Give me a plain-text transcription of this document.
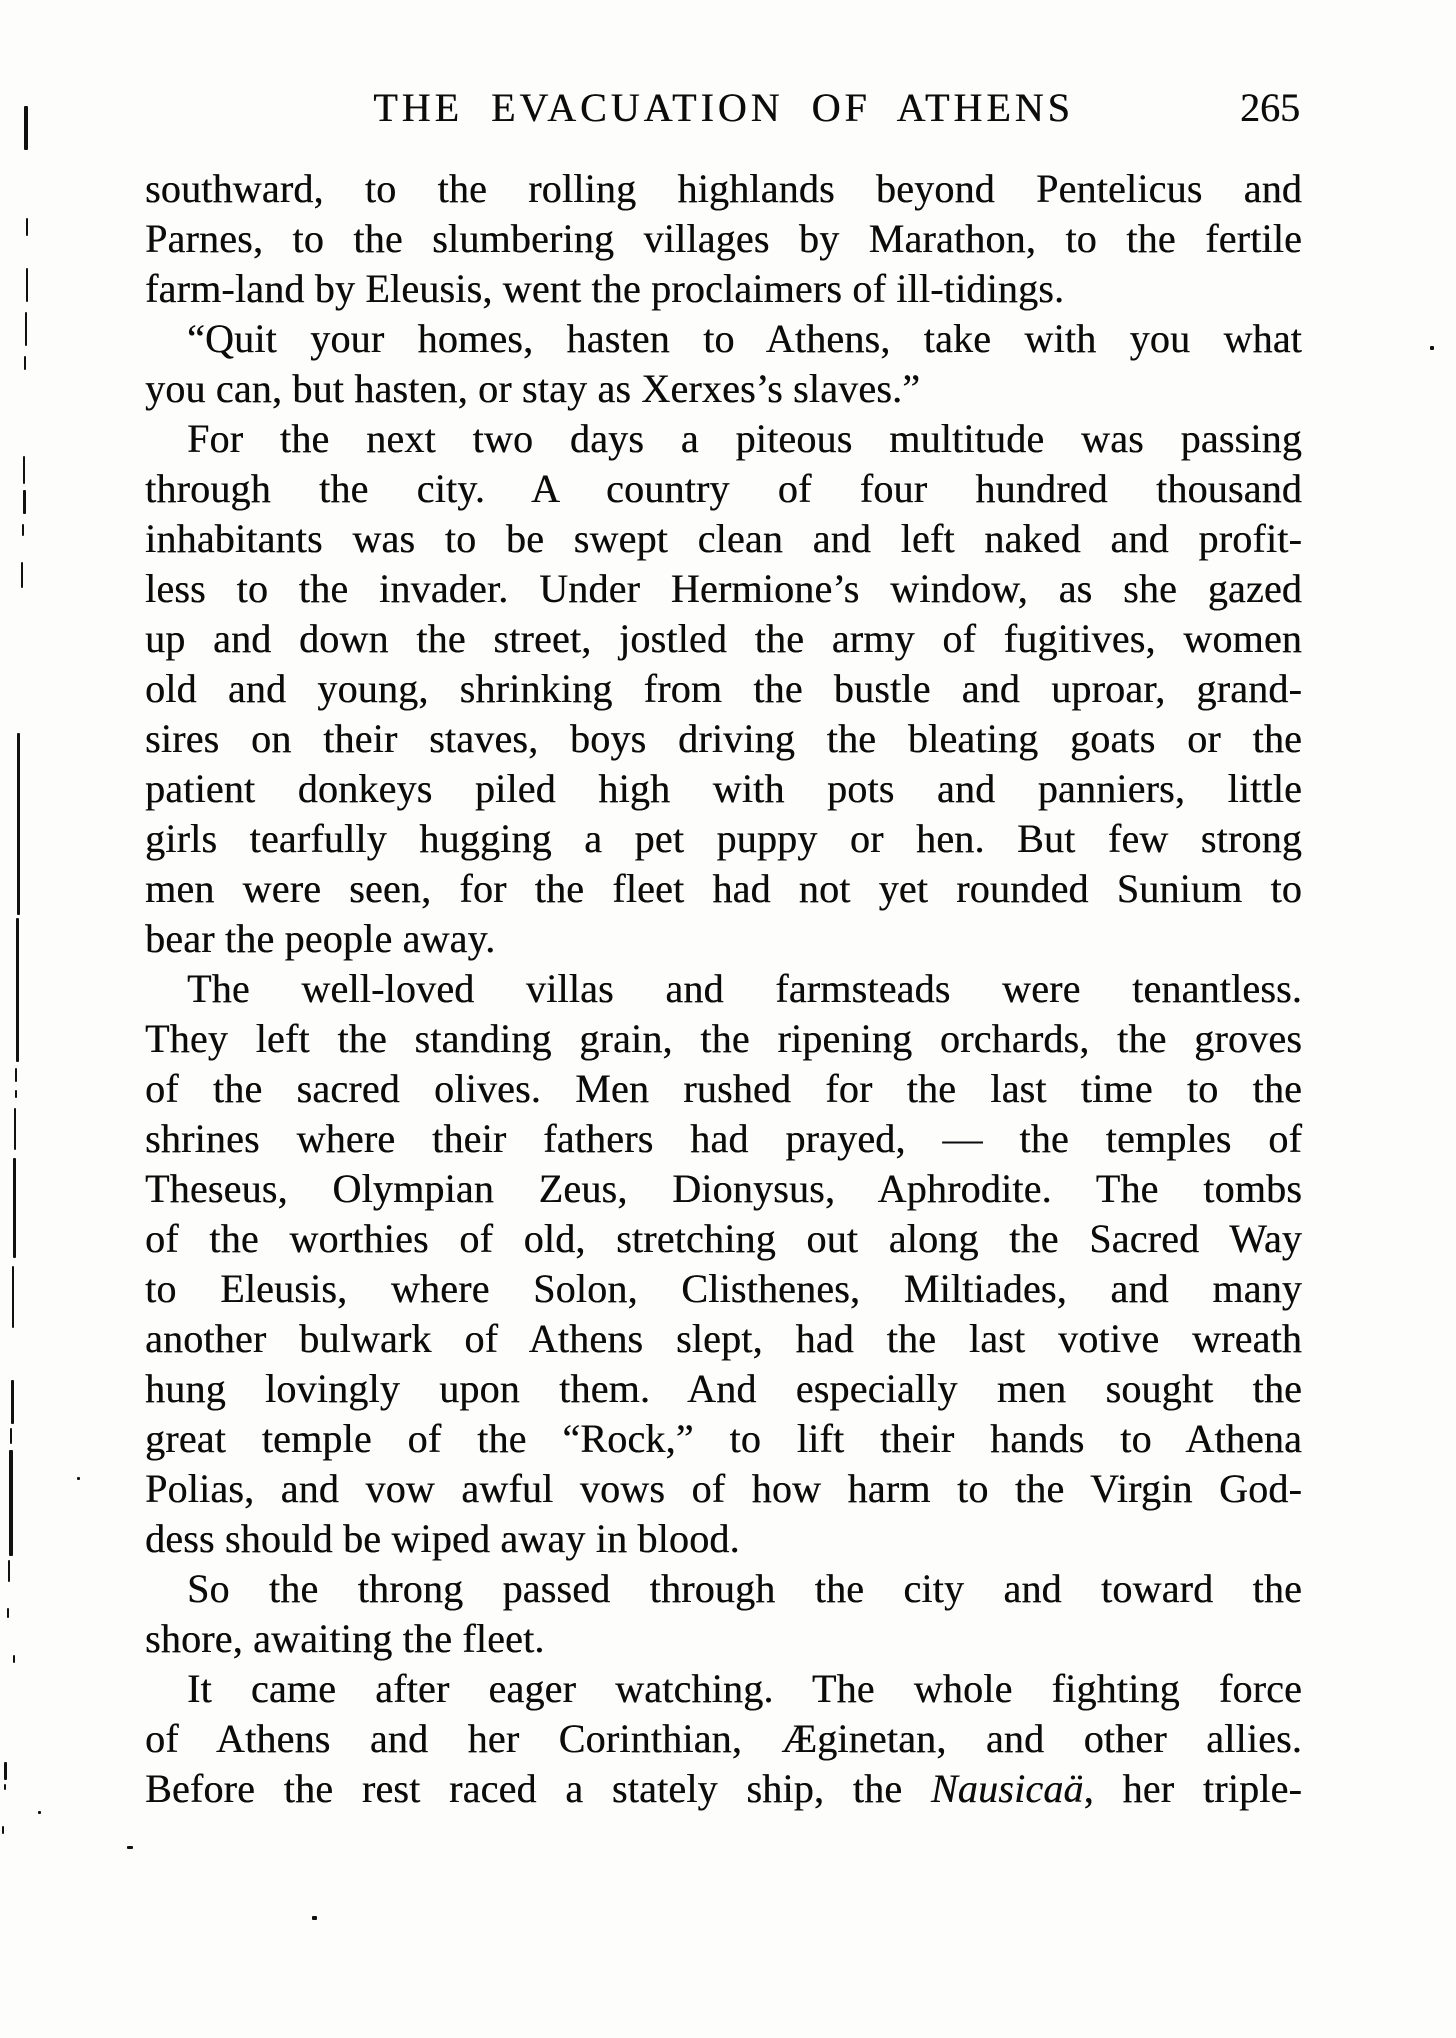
THE EVACUATION OF ATHENS	265
southward, to the rolling highlands beyond Pentelicus and
Parnes, to the slumbering villages by Marathon, to the fertile
farm-land by Eleusis, went the proclaimers of ill-tidings.
“Quit your homes, hasten to Athens, take with you what
you can, but hasten, or stay as Xerxes’s slaves.”
For the next two days a piteous multitude was passing
through the city. A country of four hundred thousand
inhabitants was to be swept clean and left naked and profit-
less to the invader. Under Hermione’s window, as she gazed
up and down the street, jostled the army of fugitives, women
old and young, shrinking from the bustle and uproar, grand-
sires on their staves, boys driving the bleating goats or the
patient donkeys piled high with pots and panniers, little
girls tearfully hugging a pet puppy or hen. But few strong
men were seen, for the fleet had not yet rounded Sunium to
bear the people away.
The well-loved villas and farmsteads were tenantless.
They left the standing grain, the ripening orchards, the groves
of the sacred olives. Men rushed for the last time to the
shrines where their fathers had prayed, — the temples of
Theseus, Olympian Zeus, Dionysus, Aphrodite. The tombs
of the worthies of old, stretching out along the Sacred Way
to Eleusis, where Solon, Clisthenes, Miltiades, and many
another bulwark of Athens slept, had the last votive wreath
hung lovingly upon them. And especially men sought the
great temple of the “Rock,” to lift their hands to Athena
Polias, and vow awful vows of how harm to the Virgin God-
dess should be wiped away in blood.
So the throng passed through the city and toward the
shore, awaiting the fleet.
It came after eager watching. The whole fighting force
of Athens and her Corinthian, Æginetan, and other allies.
Before the rest raced a stately ship, the Nausicaä, her triple-
